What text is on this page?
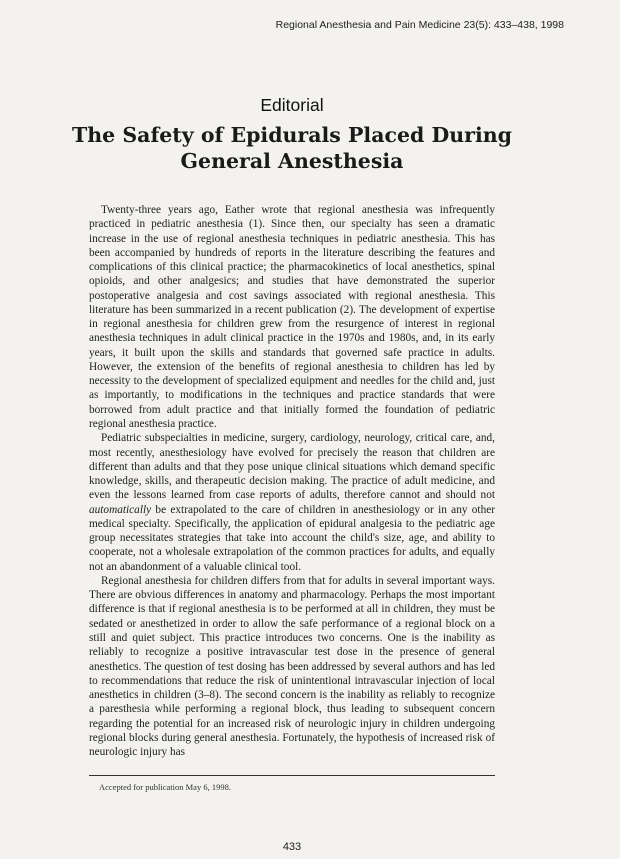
Regional Anesthesia and Pain Medicine 23(5): 433–438, 1998
Editorial
The Safety of Epidurals Placed During General Anesthesia

Twenty-three years ago, Eather wrote that regional anesthesia was infrequently practiced in pediatric anesthesia (1). Since then, our specialty has seen a dramatic increase in the use of regional anesthesia techniques in pediatric anesthesia. This has been accompanied by hundreds of reports in the literature describing the features and complications of this clinical practice; the pharmacokinetics of local anesthetics, spinal opioids, and other analgesics; and studies that have demonstrated the superior postoperative analgesia and cost savings associated with regional anesthesia. This literature has been summarized in a recent publication (2). The development of expertise in regional anesthesia for children grew from the resurgence of interest in regional anesthesia techniques in adult clinical practice in the 1970s and 1980s, and, in its early years, it built upon the skills and standards that governed safe practice in adults. However, the extension of the benefits of regional anesthesia to children has led by necessity to the development of specialized equipment and needles for the child and, just as importantly, to modifications in the techniques and practice standards that were borrowed from adult practice and that initially formed the foundation of pediatric regional anesthesia practice.

Pediatric subspecialties in medicine, surgery, cardiology, neurology, critical care, and, most recently, anesthesiology have evolved for precisely the reason that children are different than adults and that they pose unique clinical situations which demand specific knowledge, skills, and therapeutic decision making. The practice of adult medicine, and even the lessons learned from case reports of adults, therefore cannot and should not automatically be extrapolated to the care of children in anesthesiology or in any other medical specialty. Specifically, the application of epidural analgesia to the pediatric age group necessitates strategies that take into account the child's size, age, and ability to cooperate, not a wholesale extrapolation of the common practices for adults, and equally not an abandonment of a valuable clinical tool.

Regional anesthesia for children differs from that for adults in several important ways. There are obvious differences in anatomy and pharmacology. Perhaps the most important difference is that if regional anesthesia is to be performed at all in children, they must be sedated or anesthetized in order to allow the safe performance of a regional block on a still and quiet subject. This practice introduces two concerns. One is the inability as reliably to recognize a positive intravascular test dose in the presence of general anesthetics. The question of test dosing has been addressed by several authors and has led to recommendations that reduce the risk of unintentional intravascular injection of local anesthetics in children (3–8). The second concern is the inability as reliably to recognize a paresthesia while performing a regional block, thus leading to subsequent concern regarding the potential for an increased risk of neurologic injury in children undergoing regional blocks during general anesthesia. Fortunately, the hypothesis of increased risk of neurologic injury has

Accepted for publication May 6, 1998.
433
